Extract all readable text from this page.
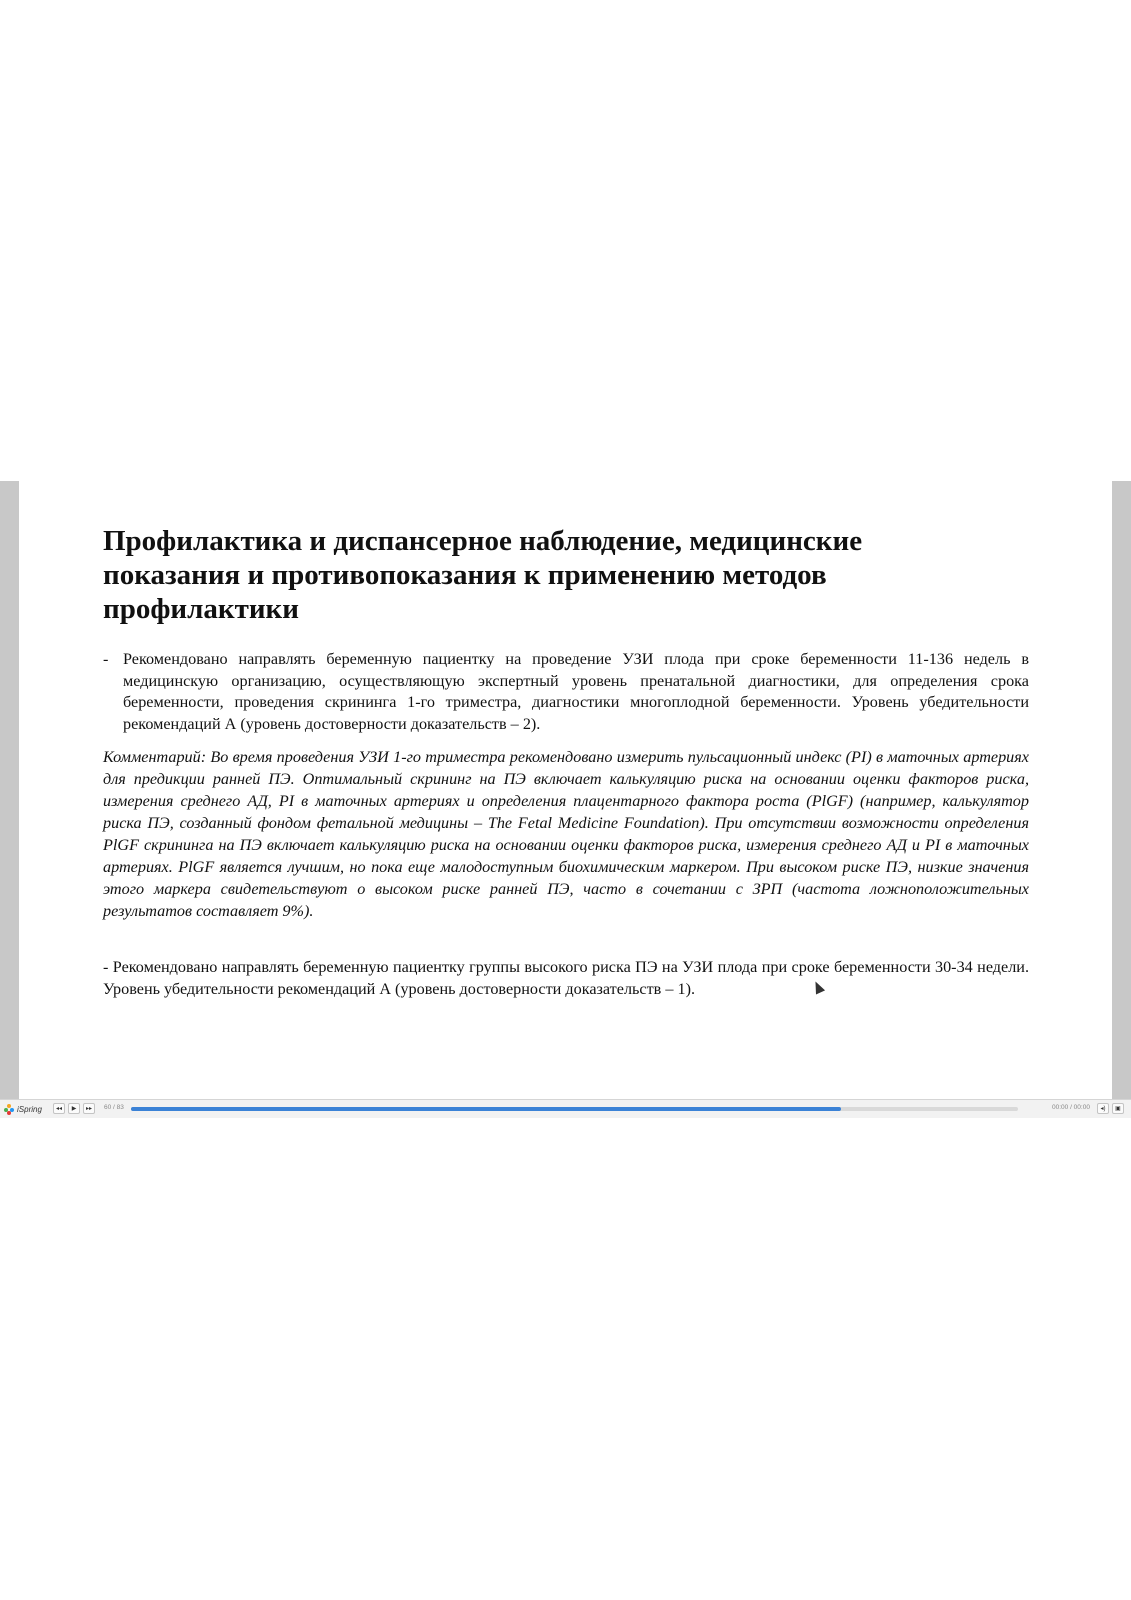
Профилактика и диспансерное наблюдение, медицинские показания и противопоказания к применению методов профилактики
- Рекомендовано направлять беременную пациентку на проведение УЗИ плода при сроке беременности 11-136 недель в медицинскую организацию, осуществляющую экспертный уровень пренатальной диагностики, для определения срока беременности, проведения скрининга 1-го триместра, диагностики многоплодной беременности. Уровень убедительности рекомендаций А (уровень достоверности доказательств – 2).
Комментарий: Во время проведения УЗИ 1-го триместра рекомендовано измерить пульсационный индекс (PI) в маточных артериях для предикции ранней ПЭ. Оптимальный скрининг на ПЭ включает калькуляцию риска на основании оценки факторов риска, измерения среднего АД, PI в маточных артериях и определения плацентарного фактора роста (PlGF) (например, калькулятор риска ПЭ, созданный фондом фетальной медицины – The Fetal Medicine Foundation). При отсутствии возможности определения PlGF скрининга на ПЭ включает калькуляцию риска на основании оценки факторов риска, измерения среднего АД и PI в маточных артериях. PlGF является лучшим, но пока еще малодоступным биохимическим маркером. При высоком риске ПЭ, низкие значения этого маркера свидетельствуют о высоком риске ранней ПЭ, часто в сочетании с ЗРП (частота ложноположительных результатов составляет 9%).
- Рекомендовано направлять беременную пациентку группы высокого риска ПЭ на УЗИ плода при сроке беременности 30-34 недели. Уровень убедительности рекомендаций А (уровень достоверности доказательств – 1).
iSpring	◂◂	▶	▸▸	60 / 83	00:00 / 00:00	◂)	▣
